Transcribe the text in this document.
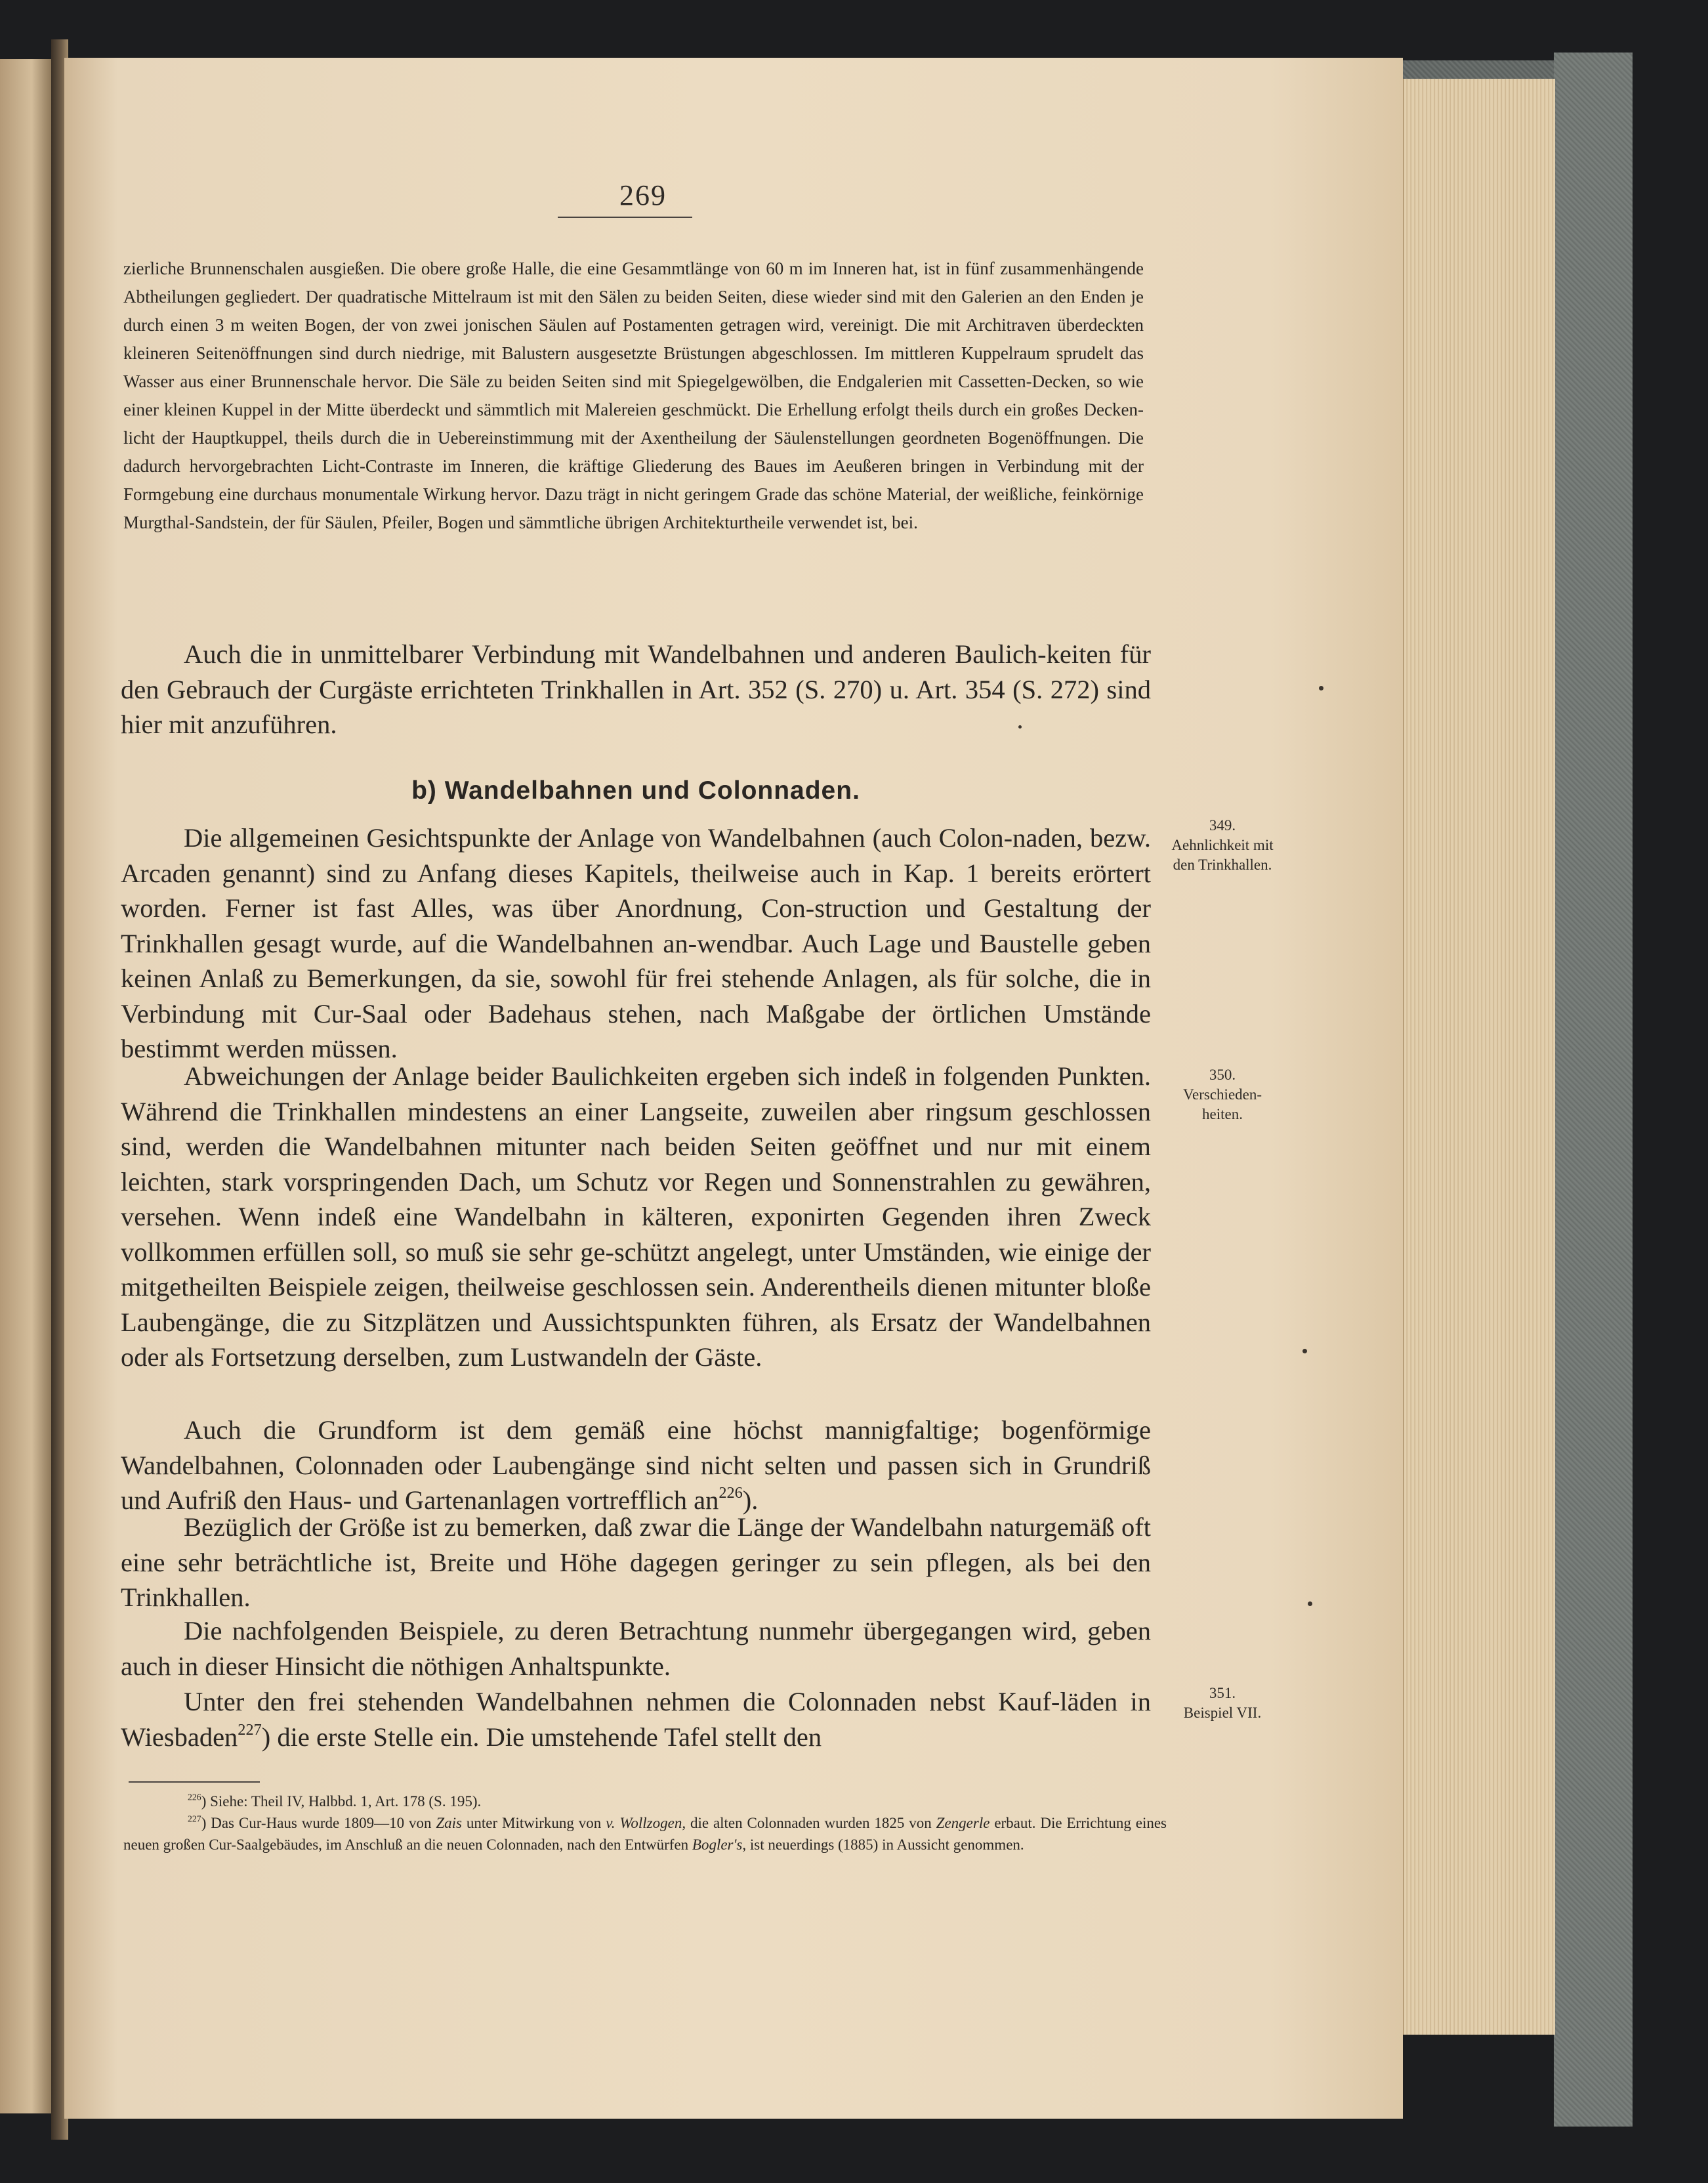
269
zierliche Brunnenschalen ausgießen. Die obere große Halle, die eine Gesammtlänge von 60 m im Inneren hat, ist in fünf zusammenhängende Abtheilungen gegliedert. Der quadratische Mittelraum ist mit den Sälen zu beiden Seiten, diese wieder sind mit den Galerien an den Enden je durch einen 3 m weiten Bogen, der von zwei jonischen Säulen auf Postamenten getragen wird, vereinigt. Die mit Architraven überdeckten kleineren Seitenöffnungen sind durch niedrige, mit Balustern ausgesetzte Brüstungen abgeschlossen. Im mittleren Kuppelraum sprudelt das Wasser aus einer Brunnenschale hervor. Die Säle zu beiden Seiten sind mit Spiegelgewölben, die Endgalerien mit Cassetten-Decken, so wie einer kleinen Kuppel in der Mitte überdeckt und sämmtlich mit Malereien geschmückt. Die Erhellung erfolgt theils durch ein großes Decken-licht der Hauptkuppel, theils durch die in Uebereinstimmung mit der Axentheilung der Säulenstellungen geordneten Bogenöffnungen. Die dadurch hervorgebrachten Licht-Contraste im Inneren, die kräftige Gliederung des Baues im Aeußeren bringen in Verbindung mit der Formgebung eine durchaus monumentale Wirkung hervor. Dazu trägt in nicht geringem Grade das schöne Material, der weißliche, feinkörnige Murgthal-Sandstein, der für Säulen, Pfeiler, Bogen und sämmtliche übrigen Architekturtheile verwendet ist, bei.
Auch die in unmittelbarer Verbindung mit Wandelbahnen und anderen Baulich-keiten für den Gebrauch der Curgäste errichteten Trinkhallen in Art. 352 (S. 270) u. Art. 354 (S. 272) sind hier mit anzuführen.
b) Wandelbahnen und Colonnaden.
Die allgemeinen Gesichtspunkte der Anlage von Wandelbahnen (auch Colon-naden, bezw. Arcaden genannt) sind zu Anfang dieses Kapitels, theilweise auch in Kap. 1 bereits erörtert worden. Ferner ist fast Alles, was über Anordnung, Con-struction und Gestaltung der Trinkhallen gesagt wurde, auf die Wandelbahnen an-wendbar. Auch Lage und Baustelle geben keinen Anlaß zu Bemerkungen, da sie, sowohl für frei stehende Anlagen, als für solche, die in Verbindung mit Cur-Saal oder Badehaus stehen, nach Maßgabe der örtlichen Umstände bestimmt werden müssen.
Abweichungen der Anlage beider Baulichkeiten ergeben sich indeß in folgenden Punkten. Während die Trinkhallen mindestens an einer Langseite, zuweilen aber ringsum geschlossen sind, werden die Wandelbahnen mitunter nach beiden Seiten geöffnet und nur mit einem leichten, stark vorspringenden Dach, um Schutz vor Regen und Sonnenstrahlen zu gewähren, versehen. Wenn indeß eine Wandelbahn in kälteren, exponirten Gegenden ihren Zweck vollkommen erfüllen soll, so muß sie sehr ge-schützt angelegt, unter Umständen, wie einige der mitgetheilten Beispiele zeigen, theilweise geschlossen sein. Anderentheils dienen mitunter bloße Laubengänge, die zu Sitzplätzen und Aussichtspunkten führen, als Ersatz der Wandelbahnen oder als Fortsetzung derselben, zum Lustwandeln der Gäste.
Auch die Grundform ist dem gemäß eine höchst mannigfaltige; bogenförmige Wandelbahnen, Colonnaden oder Laubengänge sind nicht selten und passen sich in Grundriß und Aufriß den Haus- und Gartenanlagen vortrefflich $an^{226}$).
Bezüglich der Größe ist zu bemerken, daß zwar die Länge der Wandelbahn naturgemäß oft eine sehr beträchtliche ist, Breite und Höhe dagegen geringer zu sein pflegen, als bei den Trinkhallen.
Die nachfolgenden Beispiele, zu deren Betrachtung nunmehr übergegangen wird, geben auch in dieser Hinsicht die nöthigen Anhaltspunkte.
Unter den frei stehenden Wandelbahnen nehmen die Colonnaden nebst Kauf-läden in Wiesbaden$^{227}$) die erste Stelle ein. Die umstehende Tafel stellt den
349.
Aehnlichkeit mit den Trinkhallen.
350.
Verschieden-heiten.
351.
Beispiel VII.

$^{226}$) Siehe: Theil IV, Halbbd. 1, Art. 178 (S. 195).

$^{227}$) Das Cur-Haus wurde 1809—10 von Zais unter Mitwirkung von v. Wollzogen, die alten Colonnaden wurden 1825 von Zengerle erbaut. Die Errichtung eines neuen großen Cur-Saalgebäudes, im Anschluß an die neuen Colonnaden, nach den Entwürfen Bogler's, ist neuerdings (1885) in Aussicht genommen.
